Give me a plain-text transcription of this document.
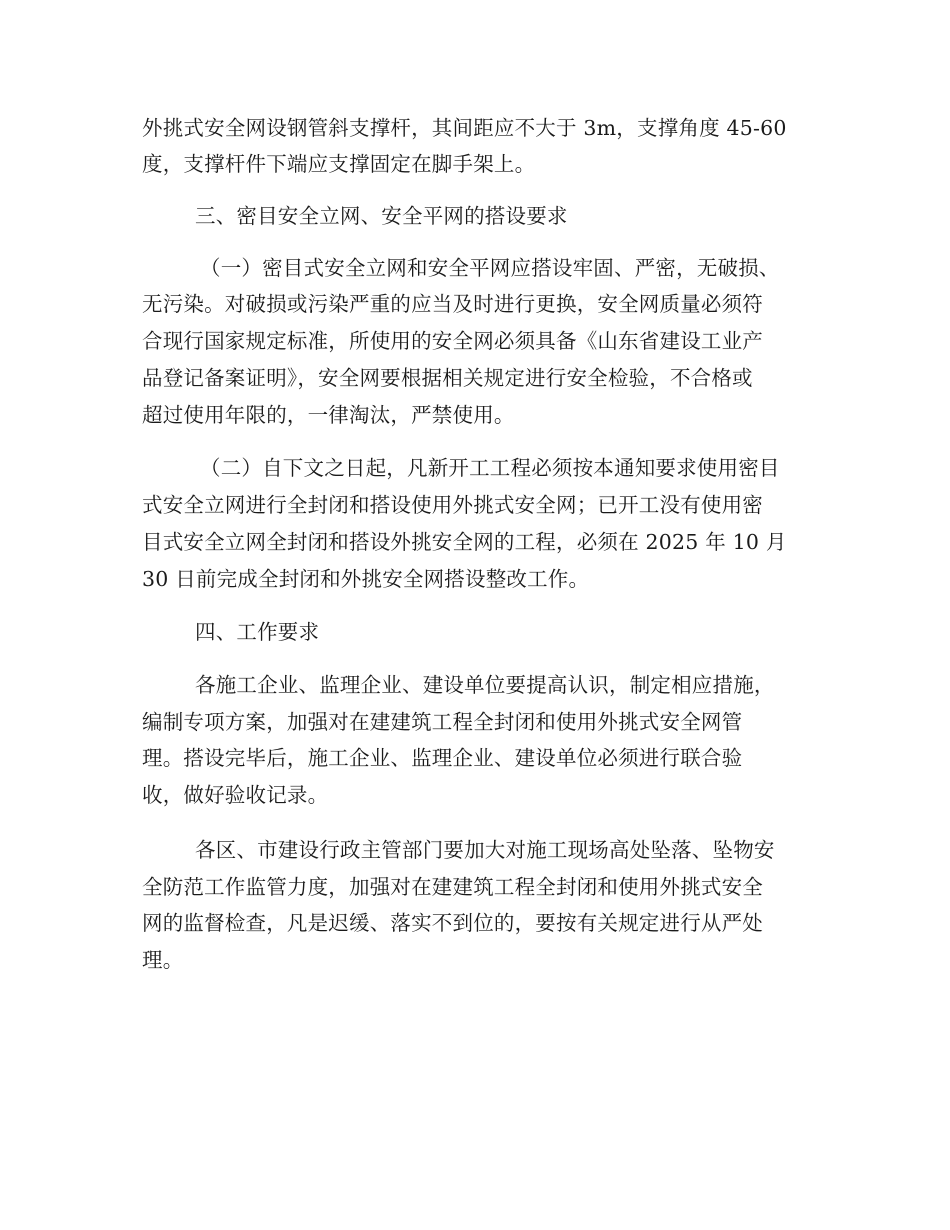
外挑式安全网设钢管斜支撑杆，其间距应不大于 3m，支撑角度 45-60
度，支撑杆件下端应支撑固定在脚手架上。
三、密目安全立网、安全平网的搭设要求
（一）密目式安全立网和安全平网应搭设牢固、严密，无破损、
无污染。对破损或污染严重的应当及时进行更换，安全网质量必须符
合现行国家规定标准，所使用的安全网必须具备《山东省建设工业产
品登记备案证明》，安全网要根据相关规定进行安全检验，不合格或
超过使用年限的，一律淘汰，严禁使用。
（二）自下文之日起，凡新开工工程必须按本通知要求使用密目
式安全立网进行全封闭和搭设使用外挑式安全网；已开工没有使用密
目式安全立网全封闭和搭设外挑安全网的工程，必须在 2025 年 10 月
30 日前完成全封闭和外挑安全网搭设整改工作。
四、工作要求
各施工企业、监理企业、建设单位要提高认识，制定相应措施，
编制专项方案，加强对在建建筑工程全封闭和使用外挑式安全网管
理。搭设完毕后，施工企业、监理企业、建设单位必须进行联合验
收，做好验收记录。
各区、市建设行政主管部门要加大对施工现场高处坠落、坠物安
全防范工作监管力度，加强对在建建筑工程全封闭和使用外挑式安全
网的监督检查，凡是迟缓、落实不到位的，要按有关规定进行从严处
理。
